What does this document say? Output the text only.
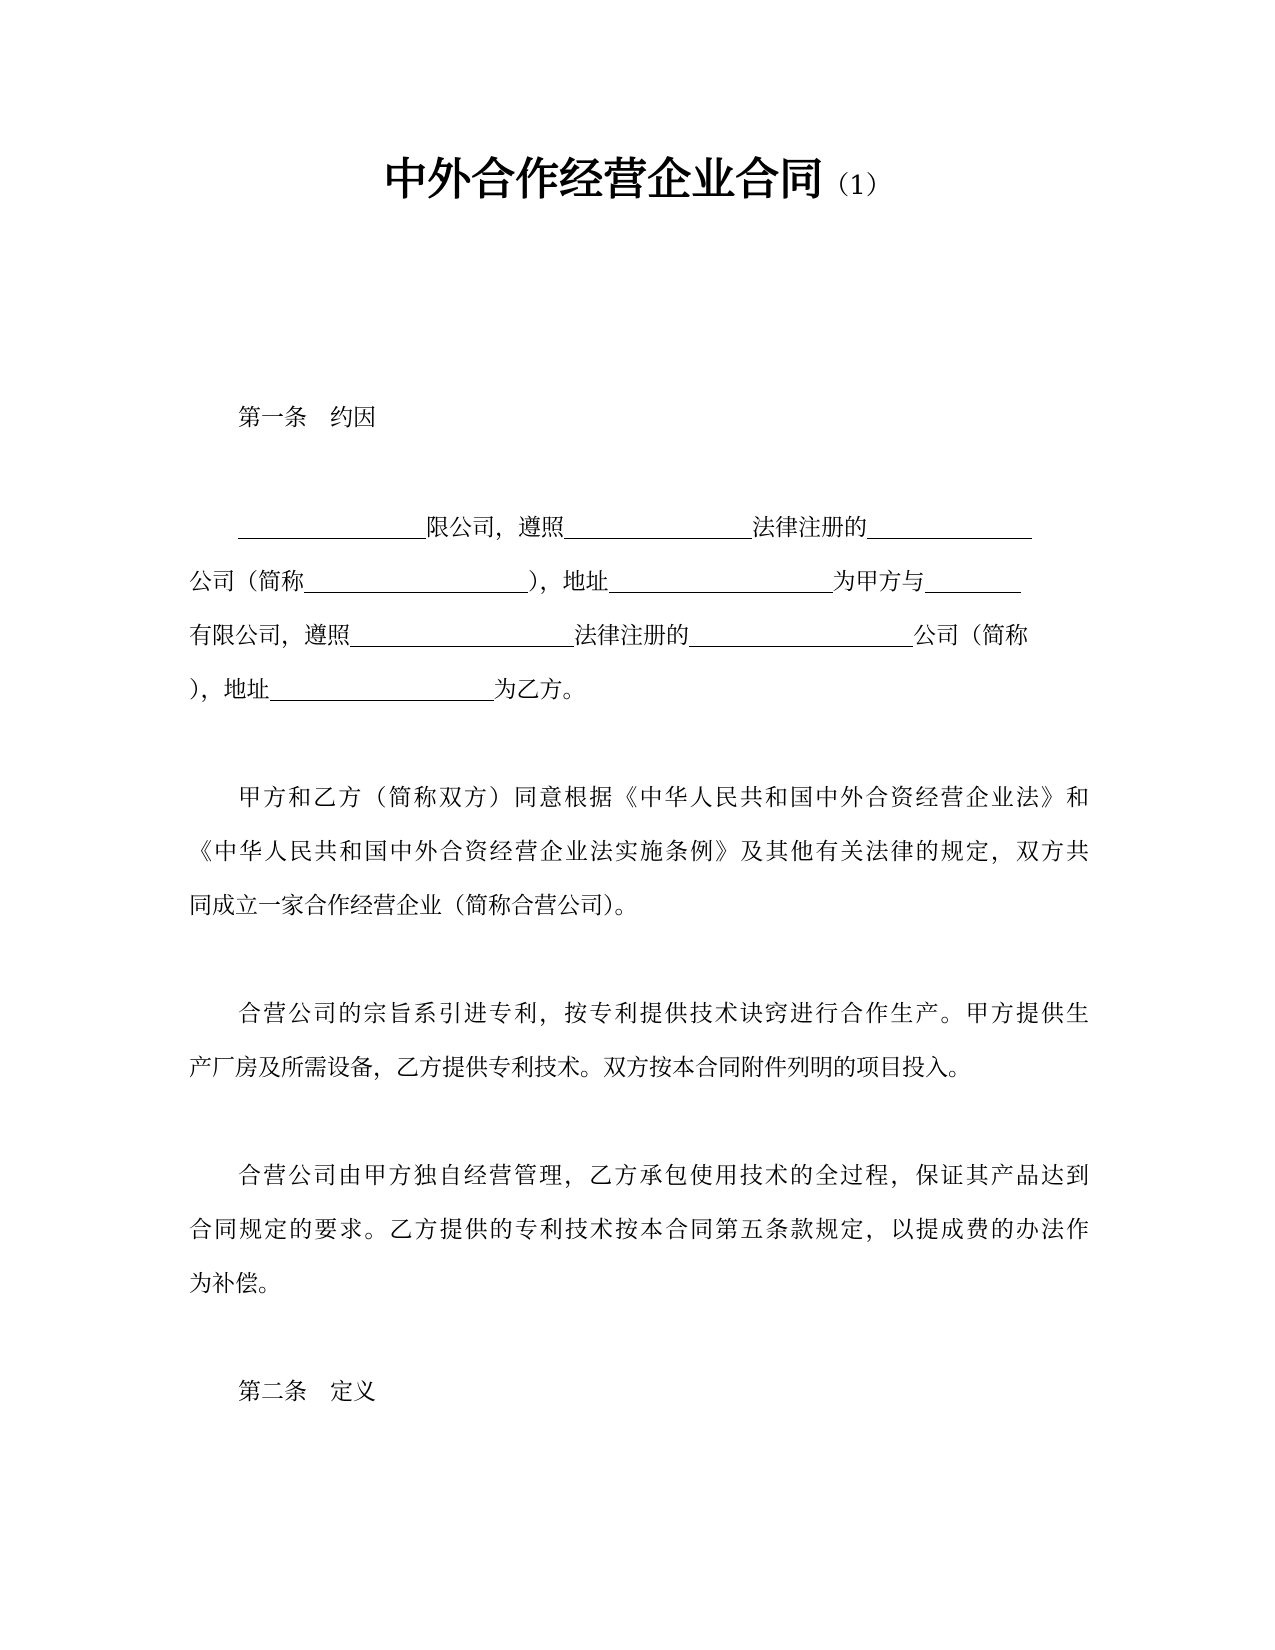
中外合作经营企业合同（1）
第一条　约因
限公司，遵照	法律注册的
公司（简称	），地址	为甲方与
有限公司，遵照	法律注册的	公司（简称
），地址	为乙方。
甲方和乙方（简称双方）同意根据《中华人民共和国中外合资经营企业法》和
《中华人民共和国中外合资经营企业法实施条例》及其他有关法律的规定，双方共
同成立一家合作经营企业（简称合营公司）。
合营公司的宗旨系引进专利，按专利提供技术诀窍进行合作生产。甲方提供生
产厂房及所需设备，乙方提供专利技术。双方按本合同附件列明的项目投入。
合营公司由甲方独自经营管理，乙方承包使用技术的全过程，保证其产品达到
合同规定的要求。乙方提供的专利技术按本合同第五条款规定，以提成费的办法作
为补偿。
第二条　定义
